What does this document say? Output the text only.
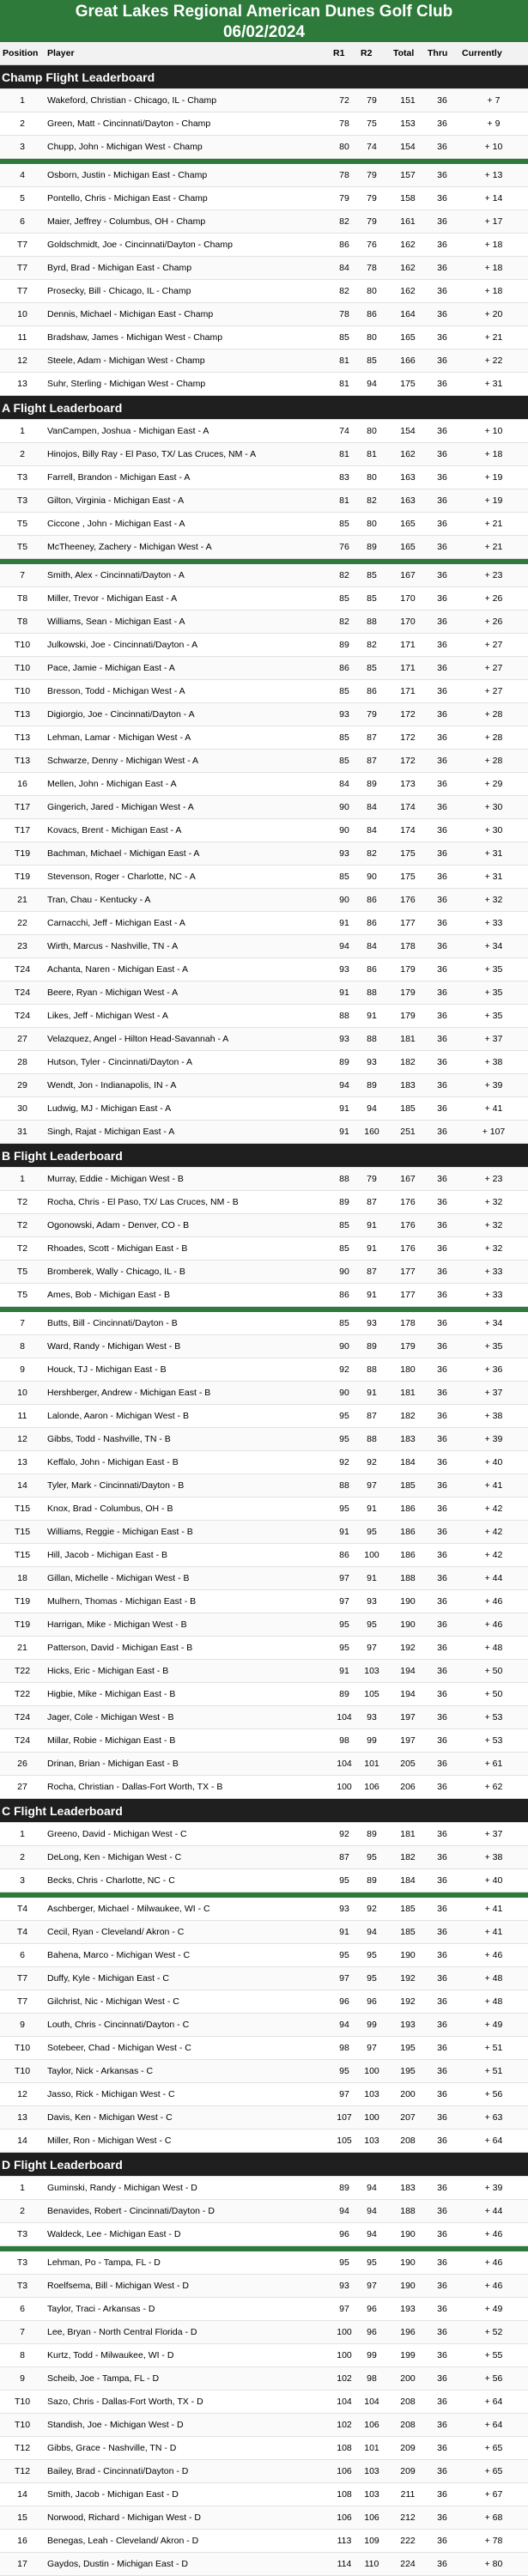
Great Lakes Regional American Dunes Golf Club
06/02/2024
Position	Player	R1	R2		Total	Thru	Currently
Champ Flight Leaderboard							
1	Wakeford, Christian - Chicago, IL - Champ	72	79		151	36	+ 7
2	Green, Matt - Cincinnati/Dayton - Champ	78	75		153	36	+ 9
3	Chupp, John - Michigan West - Champ	80	74		154	36	+ 10

4	Osborn, Justin - Michigan East - Champ	78	79		157	36	+ 13
5	Pontello, Chris - Michigan East - Champ	79	79		158	36	+ 14
6	Maier, Jeffrey - Columbus, OH - Champ	82	79		161	36	+ 17
T7	Goldschmidt, Joe - Cincinnati/Dayton - Champ	86	76		162	36	+ 18
T7	Byrd, Brad - Michigan East - Champ	84	78		162	36	+ 18
T7	Prosecky, Bill - Chicago, IL - Champ	82	80		162	36	+ 18
10	Dennis, Michael - Michigan East - Champ	78	86		164	36	+ 20
11	Bradshaw, James - Michigan West - Champ	85	80		165	36	+ 21
12	Steele, Adam - Michigan West - Champ	81	85		166	36	+ 22
13	Suhr, Sterling - Michigan West - Champ	81	94		175	36	+ 31
A Flight Leaderboard							
1	VanCampen, Joshua - Michigan East - A	74	80		154	36	+ 10
2	Hinojos, Billy Ray - El Paso, TX/ Las Cruces, NM - A	81	81		162	36	+ 18
T3	Farrell, Brandon - Michigan East - A	83	80		163	36	+ 19
T3	Gilton, Virginia - Michigan East - A	81	82		163	36	+ 19
T5	Ciccone , John - Michigan East - A	85	80		165	36	+ 21
T5	McTheeney, Zachery - Michigan West - A	76	89		165	36	+ 21

7	Smith, Alex - Cincinnati/Dayton - A	82	85		167	36	+ 23
T8	Miller, Trevor - Michigan East - A	85	85		170	36	+ 26
T8	Williams, Sean - Michigan East - A	82	88		170	36	+ 26
T10	Julkowski, Joe - Cincinnati/Dayton - A	89	82		171	36	+ 27
T10	Pace, Jamie - Michigan East - A	86	85		171	36	+ 27
T10	Bresson, Todd - Michigan West - A	85	86		171	36	+ 27
T13	Digiorgio, Joe - Cincinnati/Dayton - A	93	79		172	36	+ 28
T13	Lehman, Lamar - Michigan West - A	85	87		172	36	+ 28
T13	Schwarze, Denny - Michigan West - A	85	87		172	36	+ 28
16	Mellen, John - Michigan East - A	84	89		173	36	+ 29
T17	Gingerich, Jared - Michigan West - A	90	84		174	36	+ 30
T17	Kovacs, Brent - Michigan East - A	90	84		174	36	+ 30
T19	Bachman, Michael - Michigan East - A	93	82		175	36	+ 31
T19	Stevenson, Roger - Charlotte, NC - A	85	90		175	36	+ 31
21	Tran, Chau - Kentucky - A	90	86		176	36	+ 32
22	Carnacchi, Jeff - Michigan East - A	91	86		177	36	+ 33
23	Wirth, Marcus - Nashville, TN - A	94	84		178	36	+ 34
T24	Achanta, Naren - Michigan East - A	93	86		179	36	+ 35
T24	Beere, Ryan - Michigan West - A	91	88		179	36	+ 35
T24	Likes, Jeff - Michigan West - A	88	91		179	36	+ 35
27	Velazquez, Angel - Hilton Head-Savannah - A	93	88		181	36	+ 37
28	Hutson, Tyler - Cincinnati/Dayton - A	89	93		182	36	+ 38
29	Wendt, Jon - Indianapolis, IN - A	94	89		183	36	+ 39
30	Ludwig, MJ - Michigan East - A	91	94		185	36	+ 41
31	Singh, Rajat - Michigan East - A	91	160		251	36	+ 107
B Flight Leaderboard							
1	Murray, Eddie - Michigan West - B	88	79		167	36	+ 23
T2	Rocha, Chris - El Paso, TX/ Las Cruces, NM - B	89	87		176	36	+ 32
T2	Ogonowski, Adam - Denver, CO - B	85	91		176	36	+ 32
T2	Rhoades, Scott - Michigan East - B	85	91		176	36	+ 32
T5	Bromberek, Wally - Chicago, IL - B	90	87		177	36	+ 33
T5	Ames, Bob - Michigan East - B	86	91		177	36	+ 33

7	Butts, Bill - Cincinnati/Dayton - B	85	93		178	36	+ 34
8	Ward, Randy - Michigan West - B	90	89		179	36	+ 35
9	Houck, TJ - Michigan East - B	92	88		180	36	+ 36
10	Hershberger, Andrew - Michigan East - B	90	91		181	36	+ 37
11	Lalonde, Aaron - Michigan West - B	95	87		182	36	+ 38
12	Gibbs, Todd - Nashville, TN - B	95	88		183	36	+ 39
13	Keffalo, John - Michigan East - B	92	92		184	36	+ 40
14	Tyler, Mark - Cincinnati/Dayton - B	88	97		185	36	+ 41
T15	Knox, Brad - Columbus, OH - B	95	91		186	36	+ 42
T15	Williams, Reggie - Michigan East - B	91	95		186	36	+ 42
T15	Hill, Jacob - Michigan East - B	86	100		186	36	+ 42
18	Gillan, Michelle - Michigan West - B	97	91		188	36	+ 44
T19	Mulhern, Thomas - Michigan East - B	97	93		190	36	+ 46
T19	Harrigan, Mike - Michigan West - B	95	95		190	36	+ 46
21	Patterson, David - Michigan East - B	95	97		192	36	+ 48
T22	Hicks, Eric - Michigan East - B	91	103		194	36	+ 50
T22	Higbie, Mike - Michigan East - B	89	105		194	36	+ 50
T24	Jager, Cole - Michigan West - B	104	93		197	36	+ 53
T24	Millar, Robie - Michigan East - B	98	99		197	36	+ 53
26	Drinan, Brian - Michigan East - B	104	101		205	36	+ 61
27	Rocha, Christian - Dallas-Fort Worth, TX - B	100	106		206	36	+ 62
C Flight Leaderboard							
1	Greeno, David - Michigan West - C	92	89		181	36	+ 37
2	DeLong, Ken - Michigan West - C	87	95		182	36	+ 38
3	Becks, Chris - Charlotte, NC - C	95	89		184	36	+ 40

T4	Aschberger, Michael - Milwaukee, WI - C	93	92		185	36	+ 41
T4	Cecil, Ryan - Cleveland/ Akron - C	91	94		185	36	+ 41
6	Bahena, Marco - Michigan West - C	95	95		190	36	+ 46
T7	Duffy, Kyle - Michigan East - C	97	95		192	36	+ 48
T7	Gilchrist, Nic - Michigan West - C	96	96		192	36	+ 48
9	Louth, Chris - Cincinnati/Dayton - C	94	99		193	36	+ 49
T10	Sotebeer, Chad - Michigan West - C	98	97		195	36	+ 51
T10	Taylor, Nick - Arkansas - C	95	100		195	36	+ 51
12	Jasso, Rick - Michigan West - C	97	103		200	36	+ 56
13	Davis, Ken - Michigan West - C	107	100		207	36	+ 63
14	Miller, Ron - Michigan West - C	105	103		208	36	+ 64
D Flight Leaderboard							
1	Guminski, Randy - Michigan West - D	89	94		183	36	+ 39
2	Benavides, Robert - Cincinnati/Dayton - D	94	94		188	36	+ 44
T3	Waldeck, Lee - Michigan East - D	96	94		190	36	+ 46

T3	Lehman, Po - Tampa, FL - D	95	95		190	36	+ 46
T3	Roelfsema, Bill - Michigan West - D	93	97		190	36	+ 46
6	Taylor, Traci - Arkansas - D	97	96		193	36	+ 49
7	Lee, Bryan - North Central Florida - D	100	96		196	36	+ 52
8	Kurtz, Todd - Milwaukee, WI - D	100	99		199	36	+ 55
9	Scheib, Joe - Tampa, FL - D	102	98		200	36	+ 56
T10	Sazo, Chris - Dallas-Fort Worth, TX - D	104	104		208	36	+ 64
T10	Standish, Joe - Michigan West - D	102	106		208	36	+ 64
T12	Gibbs, Grace - Nashville, TN - D	108	101		209	36	+ 65
T12	Bailey, Brad - Cincinnati/Dayton - D	106	103		209	36	+ 65
14	Smith, Jacob - Michigan East - D	108	103		211	36	+ 67
15	Norwood, Richard - Michigan West - D	106	106		212	36	+ 68
16	Benegas, Leah - Cleveland/ Akron - D	113	109		222	36	+ 78
17	Gaydos, Dustin - Michigan East - D	114	110		224	36	+ 80
